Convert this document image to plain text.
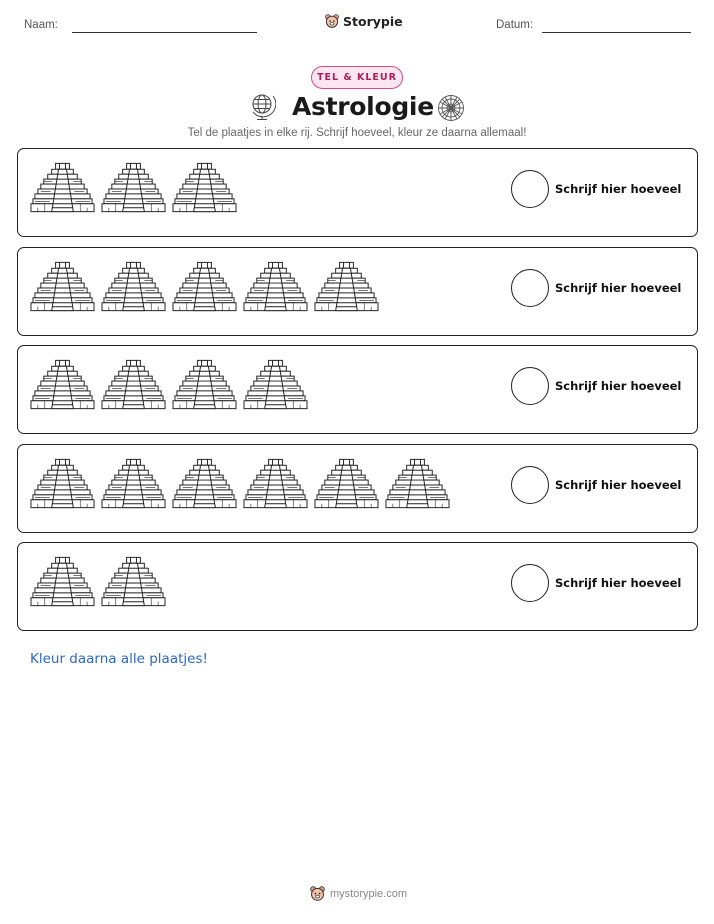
Naam:	Storypie	Datum:
TEL & KLEUR
Astrologie
Tel de plaatjes in elke rij. Schrijf hoeveel, kleur ze daarna allemaal!
Schrijf hier hoeveel
Schrijf hier hoeveel
Schrijf hier hoeveel
Schrijf hier hoeveel
Schrijf hier hoeveel
Kleur daarna alle plaatjes!
mystorypie.com
